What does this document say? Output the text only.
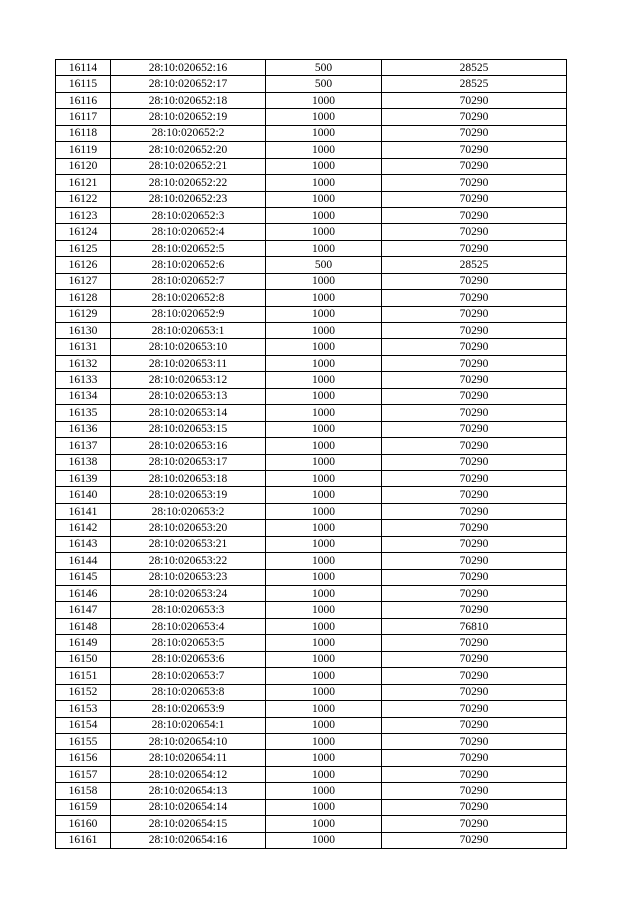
16114	28:10:020652:16	500	28525
16115	28:10:020652:17	500	28525
16116	28:10:020652:18	1000	70290
16117	28:10:020652:19	1000	70290
16118	28:10:020652:2	1000	70290
16119	28:10:020652:20	1000	70290
16120	28:10:020652:21	1000	70290
16121	28:10:020652:22	1000	70290
16122	28:10:020652:23	1000	70290
16123	28:10:020652:3	1000	70290
16124	28:10:020652:4	1000	70290
16125	28:10:020652:5	1000	70290
16126	28:10:020652:6	500	28525
16127	28:10:020652:7	1000	70290
16128	28:10:020652:8	1000	70290
16129	28:10:020652:9	1000	70290
16130	28:10:020653:1	1000	70290
16131	28:10:020653:10	1000	70290
16132	28:10:020653:11	1000	70290
16133	28:10:020653:12	1000	70290
16134	28:10:020653:13	1000	70290
16135	28:10:020653:14	1000	70290
16136	28:10:020653:15	1000	70290
16137	28:10:020653:16	1000	70290
16138	28:10:020653:17	1000	70290
16139	28:10:020653:18	1000	70290
16140	28:10:020653:19	1000	70290
16141	28:10:020653:2	1000	70290
16142	28:10:020653:20	1000	70290
16143	28:10:020653:21	1000	70290
16144	28:10:020653:22	1000	70290
16145	28:10:020653:23	1000	70290
16146	28:10:020653:24	1000	70290
16147	28:10:020653:3	1000	70290
16148	28:10:020653:4	1000	76810
16149	28:10:020653:5	1000	70290
16150	28:10:020653:6	1000	70290
16151	28:10:020653:7	1000	70290
16152	28:10:020653:8	1000	70290
16153	28:10:020653:9	1000	70290
16154	28:10:020654:1	1000	70290
16155	28:10:020654:10	1000	70290
16156	28:10:020654:11	1000	70290
16157	28:10:020654:12	1000	70290
16158	28:10:020654:13	1000	70290
16159	28:10:020654:14	1000	70290
16160	28:10:020654:15	1000	70290
16161	28:10:020654:16	1000	70290
